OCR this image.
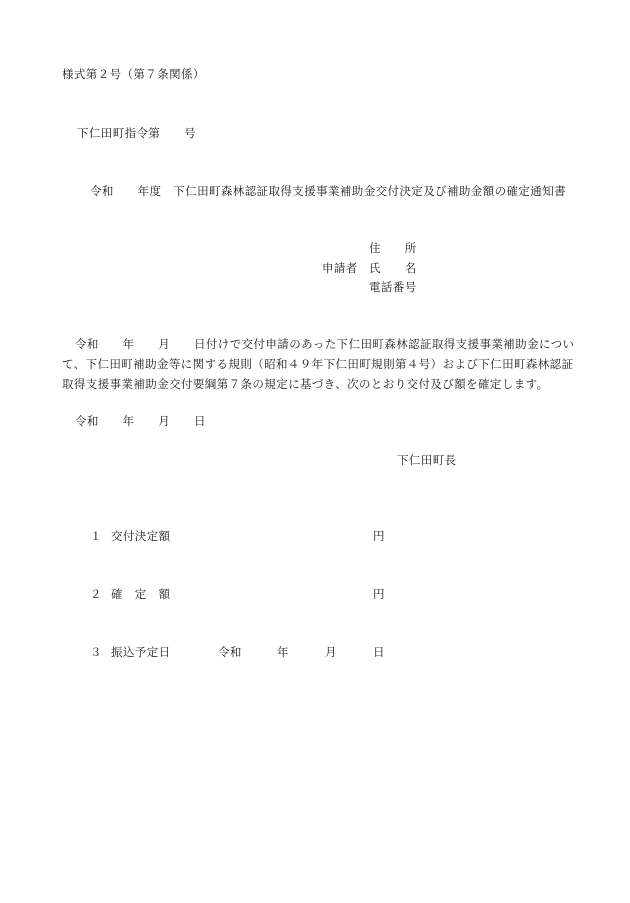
様式第２号（第７条関係）
下仁田町指令第　　号
令和　　年度　下仁田町森林認証取得支援事業補助金交付決定及び補助金額の確定通知書
住　　所
申請者 氏　　名
電話番号
令和　　年　　月　　日付けで交付申請のあった下仁田町森林認証取得支援事業補助金につい
て、下仁田町補助金等に関する規則（昭和４９年下仁田町規則第４号）および下仁田町森林認証
取得支援事業補助金交付要綱第７条の規定に基づき、次のとおり交付及び額を確定します。
令和　　年　　月　　日
下仁田町長
１ 交付決定額	円
２ 確　定　額	円
３ 振込予定日	令和	年	月	日
